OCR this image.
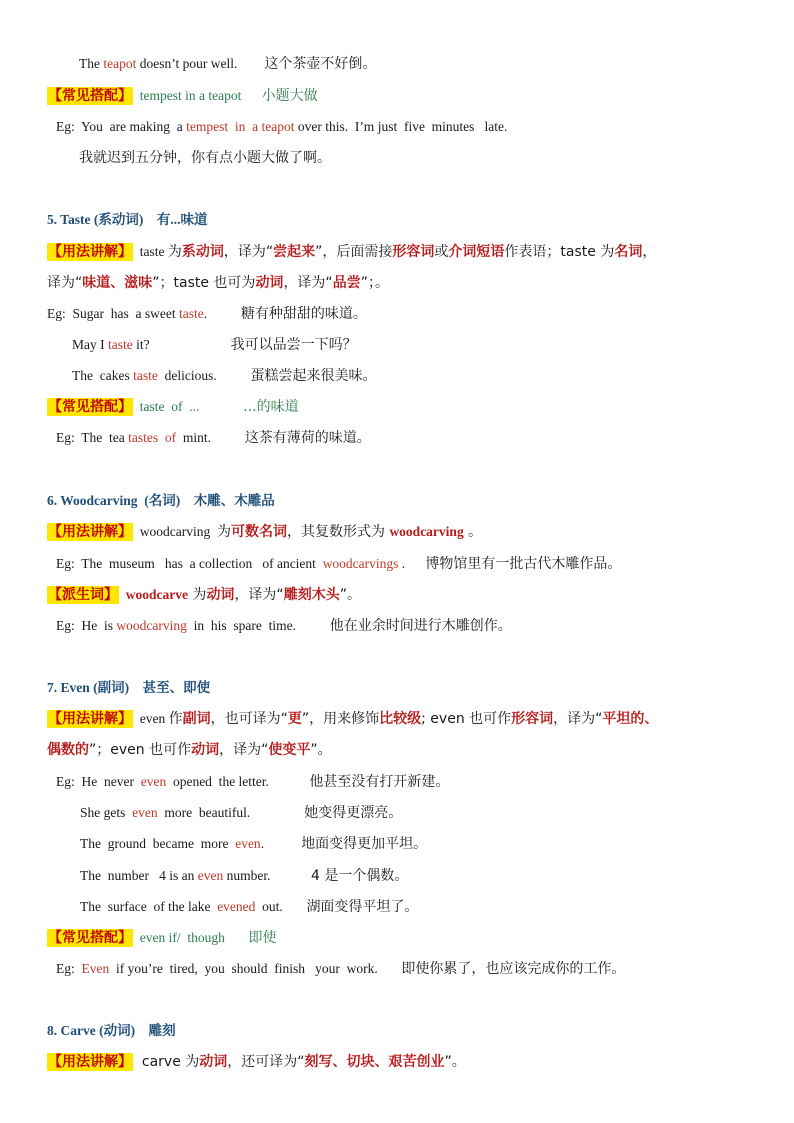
The teapot doesn’t pour well. 这个茶壶不好倒。
【常见搭配】  tempest in a teapot 小题大做
Eg:  You  are making  a tempest  in  a teapot over this.  I’m just  five  minutes   late.
我就迟到五分钟，你有点小题大做了啊。
5. Taste (系动词)    有...味道
【用法讲解】  taste 为系动词，译为“尝起来”，后面需接形容词或介词短语作表语；taste 为名词，
译为“味道、滋味”；taste 也可为动词，译为“品尝”；。
Eg:  Sugar  has  a sweet taste. 糖有种甜甜的味道。
May I taste it?	我可以品尝一下吗？
The  cakes taste  delicious. 蛋糕尝起来很美味。
【常见搭配】  taste  of  ...	...的味道
Eg:  The  tea tastes  of  mint. 这茶有薄荷的味道。
6. Woodcarving  (名词)    木雕、木雕品
【用法讲解】  woodcarving  为可数名词，其复数形式为 woodcarving 。
Eg:  The  museum   has  a collection   of ancient  woodcarvings . 博物馆里有一批古代木雕作品。
【派生词】  woodcarve 为动词，译为“雕刻木头”。
Eg:  He  is woodcarving  in  his  spare  time. 他在业余时间进行木雕创作。
7. Even (副词)    甚至、即使
【用法讲解】  even 作副词，也可译为“更”，用来修饰比较级; even 也可作形容词，译为“平坦的、
偶数的”；even 也可作动词，译为“使变平”。
Eg:  He  never  even  opened  the letter.	他甚至没有打开新建。
She gets  even  more  beautiful.	她变得更漂亮。
The  ground  became  more  even.	地面变得更加平坦。
The  number   4 is an even number.	4 是一个偶数。
The  surface  of the lake  evened  out. 湖面变得平坦了。
【常见搭配】  even if/  though 即使
Eg:  Even  if you’re  tired,  you  should  finish   your  work. 即使你累了，也应该完成你的工作。
8. Carve (动词)    雕刻
【用法讲解】  carve 为动词，还可译为“刻写、切块、艰苦创业”。
